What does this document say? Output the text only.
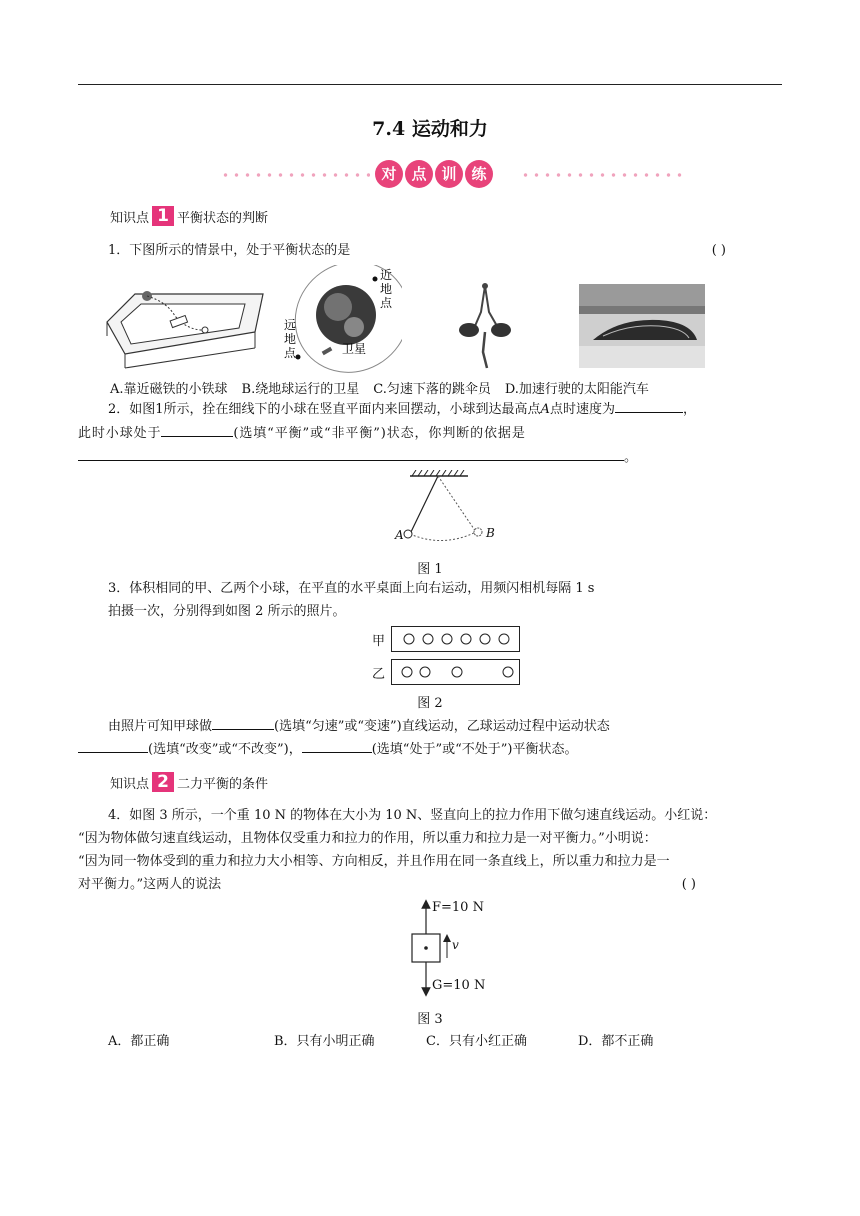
7.4 运动和力
对 点 训 练
知识点 1 平衡状态的判断
1．下图所示的情景中，处于平衡状态的是	( )
近
地
点
远
地
点	卫星
A.靠近磁铁的小铁球 B.绕地球运行的卫星 C.匀速下落的跳伞员 D.加速行驶的太阳能汽车
2．如图1所示，拴在细线下的小球在竖直平面内来回摆动，小球到达最高点A点时速度为	，
此时小球处于	(选填“平衡”或“非平衡”)状态，你判断的依据是
。
A	B
图 1
3．体积相同的甲、乙两个小球，在平直的水平桌面上向右运动，用频闪相机每隔 1 s
拍摄一次，分别得到如图 2 所示的照片。
甲
乙
图 2
由照片可知甲球做	(选填“匀速”或“变速”)直线运动，乙球运动过程中运动状态
(选填“改变”或“不改变”)，	(选填“处于”或“不处于”)平衡状态。
知识点 2 二力平衡的条件
4．如图 3 所示，一个重 10 N 的物体在大小为 10 N、竖直向上的拉力作用下做匀速直线运动。小红说：
“因为物体做匀速直线运动，且物体仅受重力和拉力的作用，所以重力和拉力是一对平衡力。”小明说：
“因为同一物体受到的重力和拉力大小相等、方向相反，并且作用在同一条直线上，所以重力和拉力是一
对平衡力。”这两人的说法	( )
F=10 N
v
G=10 N
图 3
A．都正确	B．只有小明正确	C．只有小红正确	D．都不正确
